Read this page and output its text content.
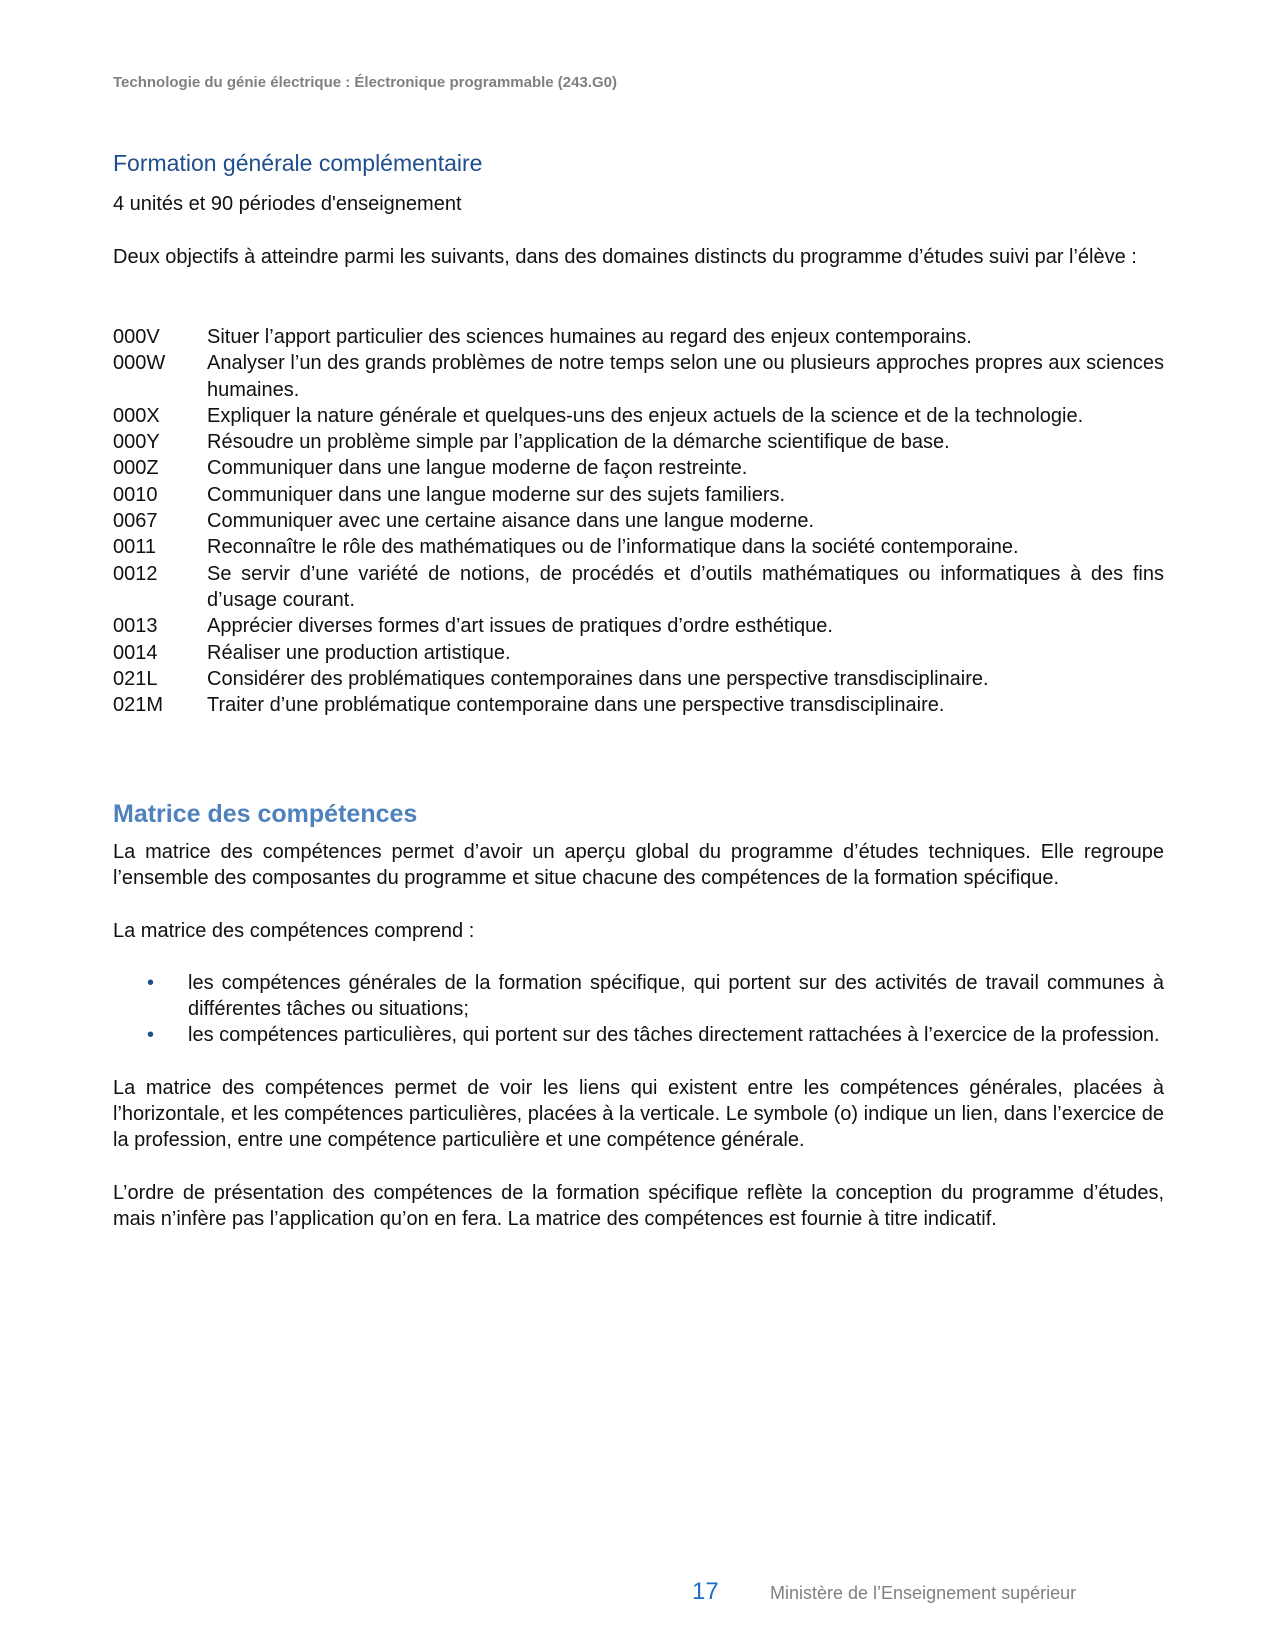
Technologie du génie électrique : Électronique programmable (243.G0)
Formation générale complémentaire

4 unités et 90 périodes d'enseignement

Deux objectifs à atteindre parmi les suivants, dans des domaines distincts du programme d’études suivi par l’élève :

000V	Situer l’apport particulier des sciences humaines au regard des enjeux contemporains.
000W	Analyser l’un des grands problèmes de notre temps selon une ou plusieurs approches propres aux sciences humaines.
000X	Expliquer la nature générale et quelques-uns des enjeux actuels de la science et de la technologie.
000Y	Résoudre un problème simple par l’application de la démarche scientifique de base.
000Z	Communiquer dans une langue moderne de façon restreinte.
0010	Communiquer dans une langue moderne sur des sujets familiers.
0067	Communiquer avec une certaine aisance dans une langue moderne.
0011	Reconnaître le rôle des mathématiques ou de l’informatique dans la société contemporaine.
0012	Se servir d’une variété de notions, de procédés et d’outils mathématiques ou informatiques à des fins d’usage courant.
0013	Apprécier diverses formes d’art issues de pratiques d’ordre esthétique.
0014	Réaliser une production artistique.
021L	Considérer des problématiques contemporaines dans une perspective transdisciplinaire.
021M	Traiter d’une problématique contemporaine dans une perspective transdisciplinaire.
Matrice des compétences

La matrice des compétences permet d’avoir un aperçu global du programme d’études techniques. Elle regroupe l’ensemble des composantes du programme et situe chacune des compétences de la formation spécifique.

La matrice des compétences comprend :

•	les compétences générales de la formation spécifique, qui portent sur des activités de travail communes à différentes tâches ou situations;
•	les compétences particulières, qui portent sur des tâches directement rattachées à l’exercice de la profession.

La matrice des compétences permet de voir les liens qui existent entre les compétences générales, placées à l’horizontale, et les compétences particulières, placées à la verticale. Le symbole (o) indique un lien, dans l’exercice de la profession, entre une compétence particulière et une compétence générale.

L’ordre de présentation des compétences de la formation spécifique reflète la conception du programme d’études, mais n’infère pas l’application qu’on en fera. La matrice des compétences est fournie à titre indicatif.

17	Ministère de l’Enseignement supérieur
